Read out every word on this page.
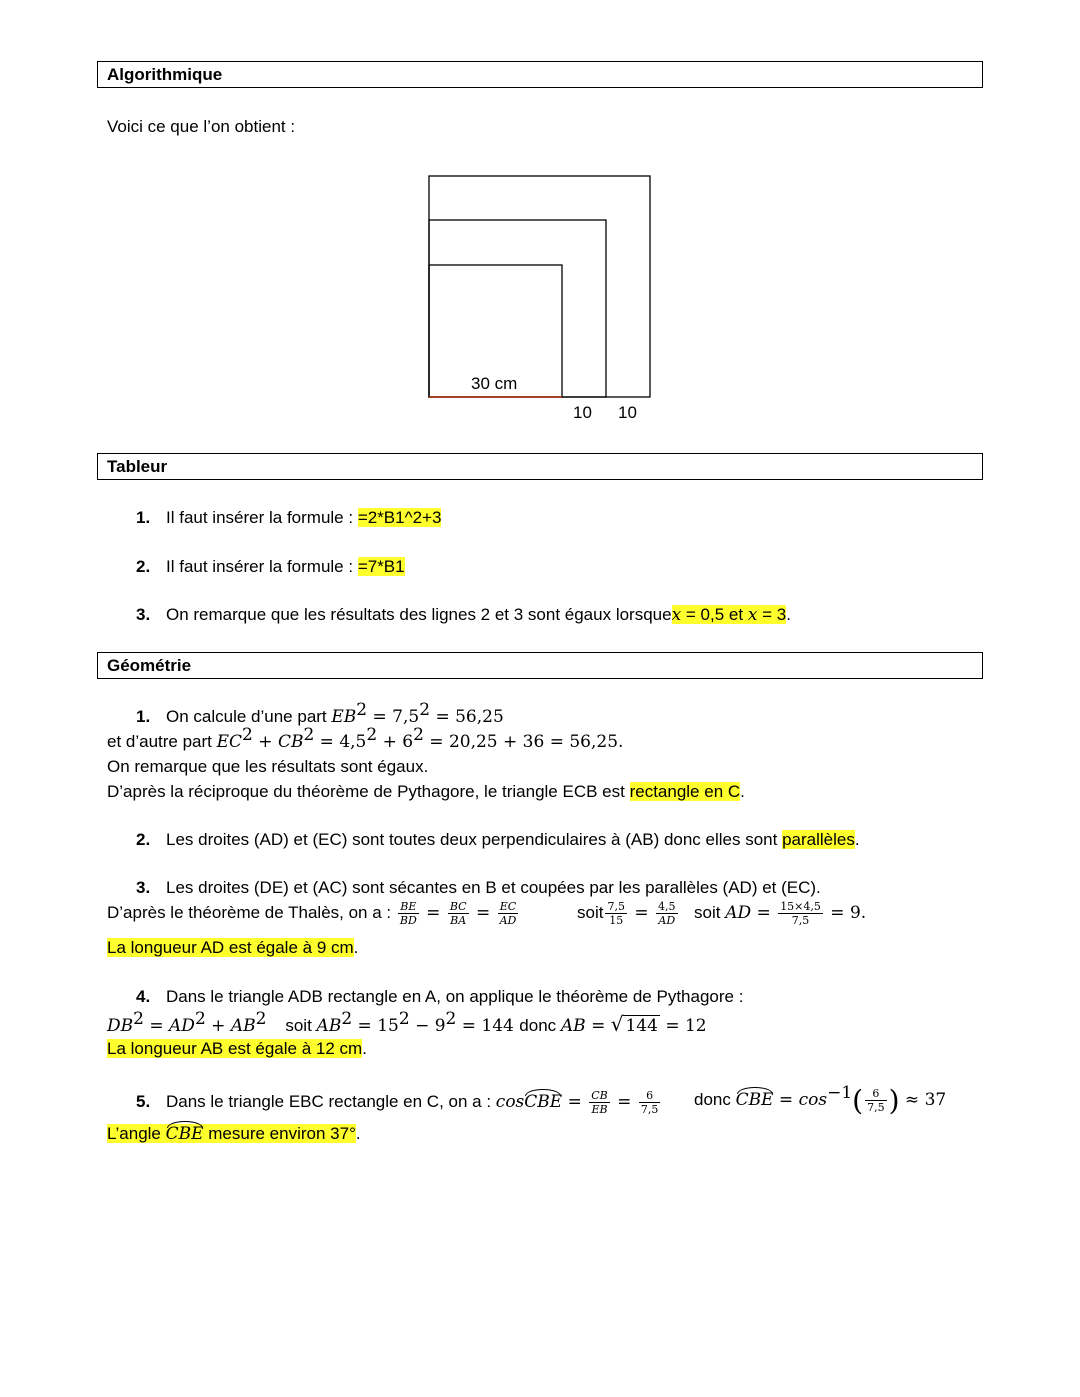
Algorithmique
Voici ce que l’on obtient :
30 cm
10 10
Tableur
1. Il faut insérer la formule : =2*B1^2+3
2. Il faut insérer la formule : =7*B1
3. On remarque que les résultats des lignes 2 et 3 sont égaux lorsquex = 0,5 et x = 3.
Géométrie
1. On calcule d’une part $EB^2 = 7,5^2 = 56,25$
et d’autre part $EC^2 + CB^2 = 4,5^2 + 6^2 = 20,25 + 36 = 56,25$.
On remarque que les résultats sont égaux.
D’après la réciproque du théorème de Pythagore, le triangle ECB est rectangle en C.
2. Les droites (AD) et (EC) sont toutes deux perpendiculaires à (AB) donc elles sont parallèles.
3. Les droites (DE) et (AC) sont sécantes en B et coupées par les parallèles (AD) et (EC).
D’après le théorème de Thalès, on a : $\frac{BE}{BD} = \frac{BC}{BA} = \frac{EC}{AD}$	soit $\frac{7,5}{15} = \frac{4,5}{AD}$ soit AD = $\frac{15\times 4,5}{7,5} = 9$.
La longueur AD est égale à 9 cm.
4. Dans le triangle ADB rectangle en A, on applique le théorème de Pythagore :
$DB^2 = AD^2 + AB^2$ soit $AB^2 = 15^2 - 9^2 = 144$ donc AB = √ 144 = 12
La longueur AB est égale à 12 cm.
5. Dans le triangle EBC rectangle en C, on a : cosCBE = $\frac{CB}{EB} = \frac{6}{7,5}$ donc CBE = $\cos^{-1}( \frac{6}{7,5}$ ) ≈ 37
L’angle CBE mesure environ 37°.
